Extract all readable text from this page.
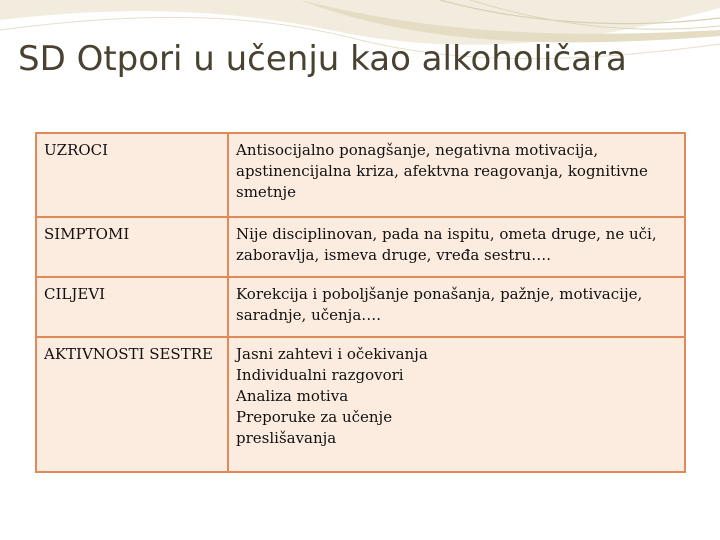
SD Otpori u učenju kao alkoholičara
UZROCI	Antisocijalno ponagšanje, negativna motivacija, apstinencijalna kriza, afektvna reagovanja, kognitivne smetnje
SIMPTOMI	Nije disciplinovan, pada na ispitu, ometa druge, ne uči, zaboravlja, ismeva druge, vređa sestru….
CILJEVI	Korekcija i poboljšanje ponašanja, pažnje, motivacije, saradnje, učenja….
AKTIVNOSTI SESTRE	Jasni zahtevi i očekivanja
Individualni razgovori
Analiza motiva
Preporuke za učenje
preslišavanja
